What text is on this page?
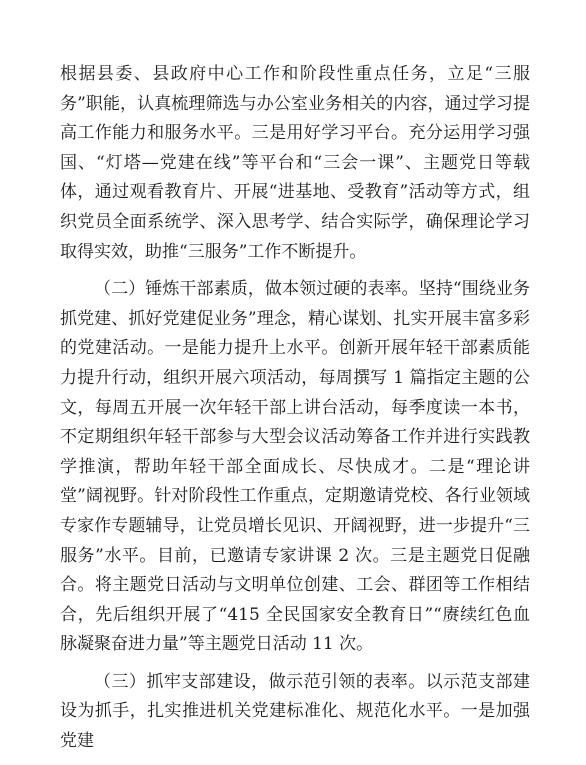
根据县委、县政府中心工作和阶段性重点任务，立足“三服务”职能，认真梳理筛选与办公室业务相关的内容，通过学习提高工作能力和服务水平。三是用好学习平台。充分运用学习强国、“灯塔—党建在线”等平台和“三会一课”、主题党日等载体，通过观看教育片、开展“进基地、受教育”活动等方式，组织党员全面系统学、深入思考学、结合实际学，确保理论学习取得实效，助推“三服务”工作不断提升。

（二）锤炼干部素质，做本领过硬的表率。坚持“围绕业务抓党建、抓好党建促业务”理念，精心谋划、扎实开展丰富多彩的党建活动。一是能力提升上水平。创新开展年轻干部素质能力提升行动，组织开展六项活动，每周撰写 1 篇指定主题的公文，每周五开展一次年轻干部上讲台活动，每季度读一本书，不定期组织年轻干部参与大型会议活动筹备工作并进行实践教学推演，帮助年轻干部全面成长、尽快成才。二是“理论讲堂”阔视野。针对阶段性工作重点，定期邀请党校、各行业领域专家作专题辅导，让党员增长见识、开阔视野，进一步提升“三服务”水平。目前，已邀请专家讲课 2 次。三是主题党日促融合。将主题党日活动与文明单位创建、工会、群团等工作相结合，先后组织开展了“415 全民国家安全教育日”“赓续红色血脉凝聚奋进力量”等主题党日活动 11 次。

（三）抓牢支部建设，做示范引领的表率。以示范支部建设为抓手，扎实推进机关党建标准化、规范化水平。一是加强党建
